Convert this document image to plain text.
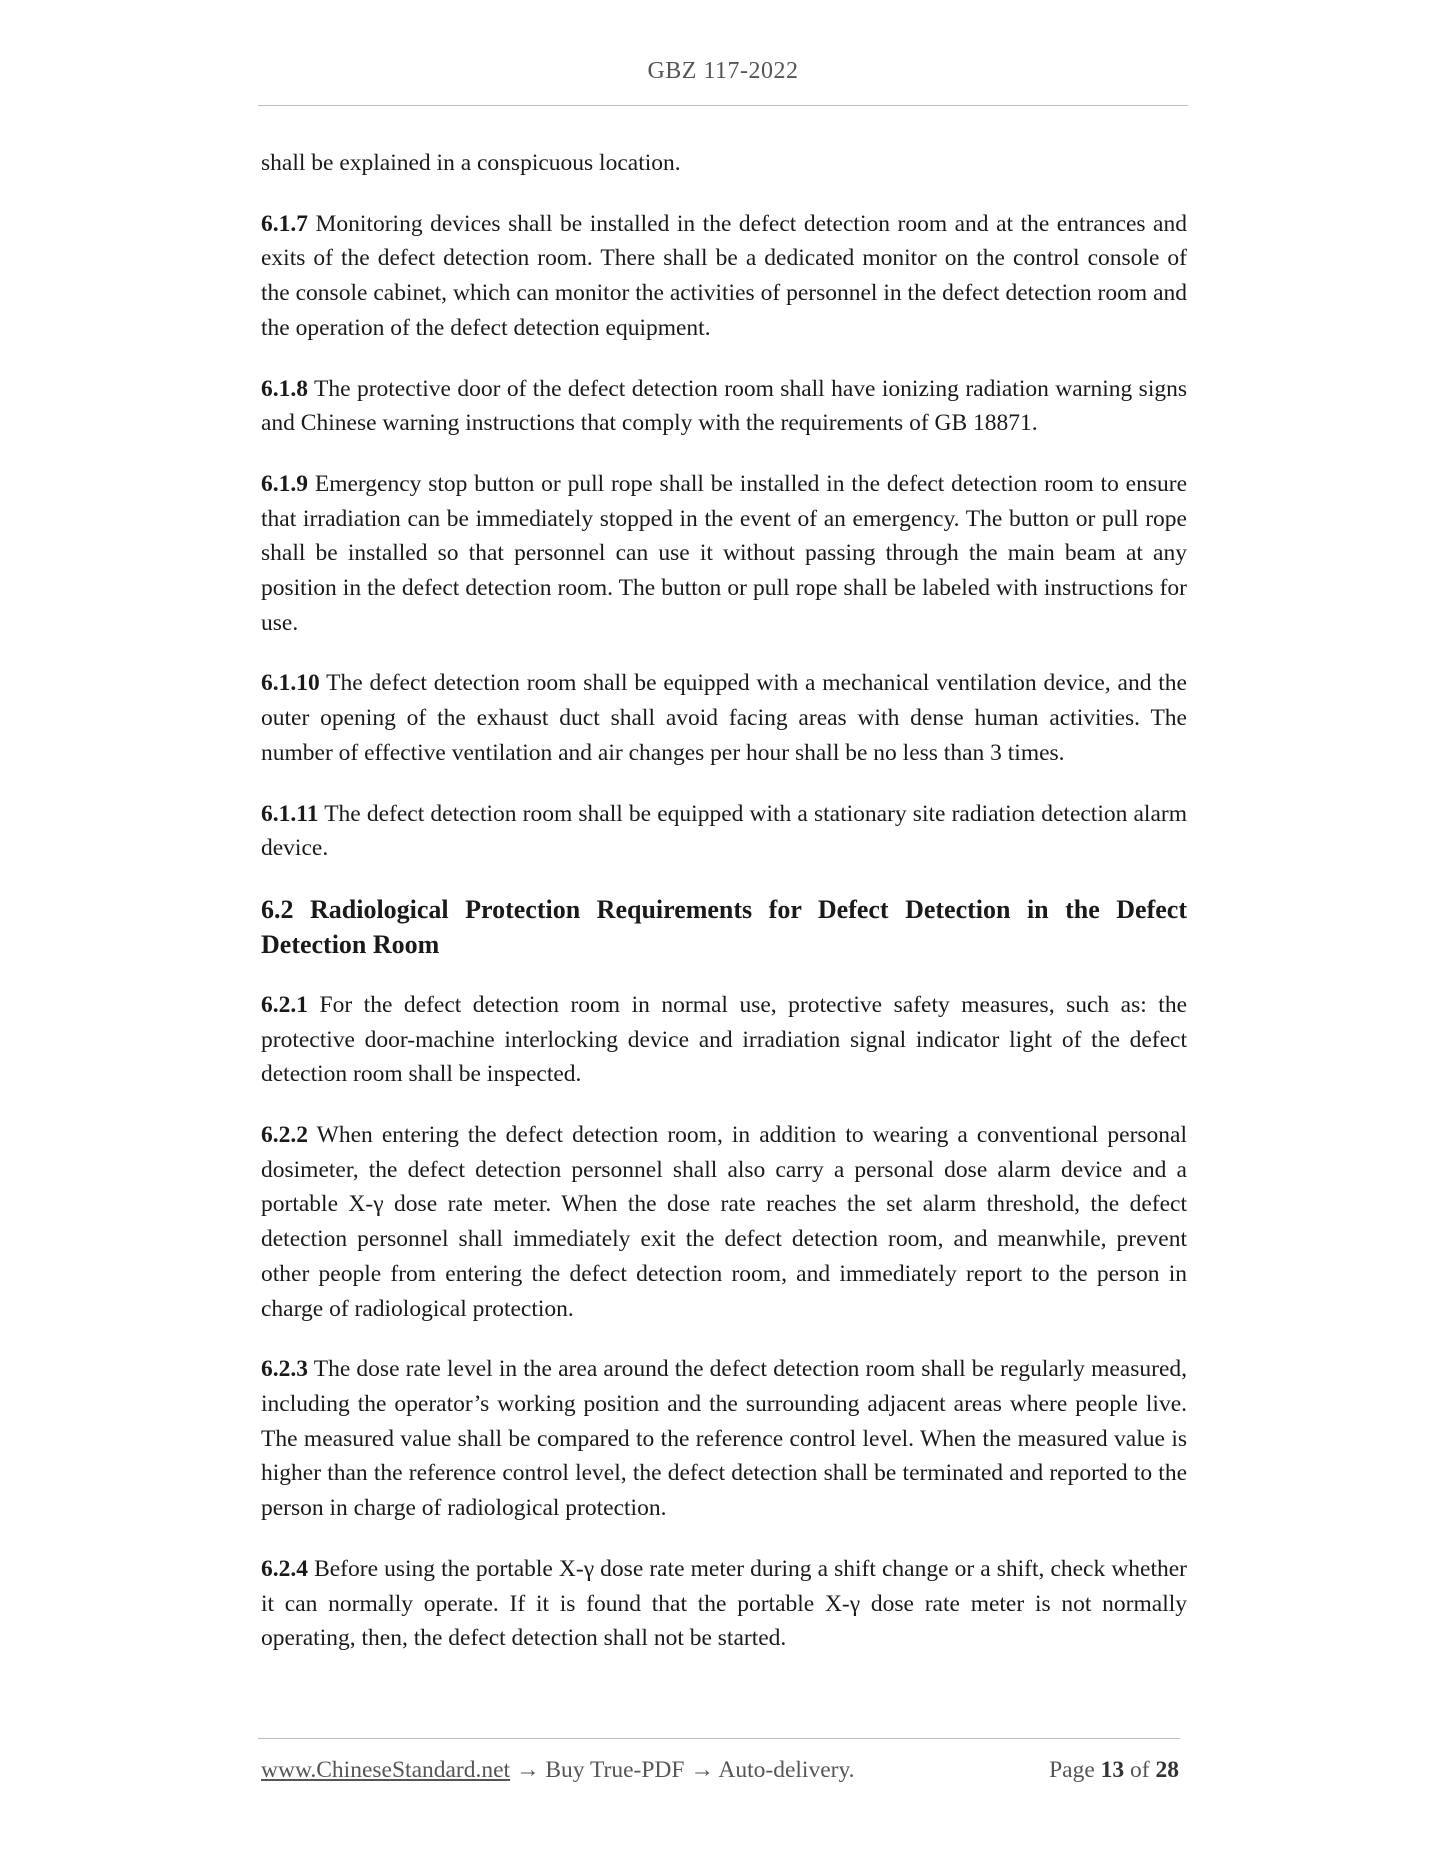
GBZ 117-2022

shall be explained in a conspicuous location.

6.1.7 Monitoring devices shall be installed in the defect detection room and at the entrances and exits of the defect detection room. There shall be a dedicated monitor on the control console of the console cabinet, which can monitor the activities of personnel in the defect detection room and the operation of the defect detection equipment.

6.1.8 The protective door of the defect detection room shall have ionizing radiation warning signs and Chinese warning instructions that comply with the requirements of GB 18871.

6.1.9 Emergency stop button or pull rope shall be installed in the defect detection room to ensure that irradiation can be immediately stopped in the event of an emergency. The button or pull rope shall be installed so that personnel can use it without passing through the main beam at any position in the defect detection room. The button or pull rope shall be labeled with instructions for use.

6.1.10 The defect detection room shall be equipped with a mechanical ventilation device, and the outer opening of the exhaust duct shall avoid facing areas with dense human activities. The number of effective ventilation and air changes per hour shall be no less than 3 times.

6.1.11 The defect detection room shall be equipped with a stationary site radiation detection alarm device.

6.2 Radiological Protection Requirements for Defect Detection in the Defect Detection Room

6.2.1 For the defect detection room in normal use, protective safety measures, such as: the protective door-machine interlocking device and irradiation signal indicator light of the defect detection room shall be inspected.

6.2.2 When entering the defect detection room, in addition to wearing a conventional personal dosimeter, the defect detection personnel shall also carry a personal dose alarm device and a portable X-γ dose rate meter. When the dose rate reaches the set alarm threshold, the defect detection personnel shall immediately exit the defect detection room, and meanwhile, prevent other people from entering the defect detection room, and immediately report to the person in charge of radiological protection.

6.2.3 The dose rate level in the area around the defect detection room shall be regularly measured, including the operator’s working position and the surrounding adjacent areas where people live. The measured value shall be compared to the reference control level. When the measured value is higher than the reference control level, the defect detection shall be terminated and reported to the person in charge of radiological protection.

6.2.4 Before using the portable X-γ dose rate meter during a shift change or a shift, check whether it can normally operate. If it is found that the portable X-γ dose rate meter is not normally operating, then, the defect detection shall not be started.

www.ChineseStandard.net → Buy True-PDF → Auto-delivery.	Page 13 of 28
